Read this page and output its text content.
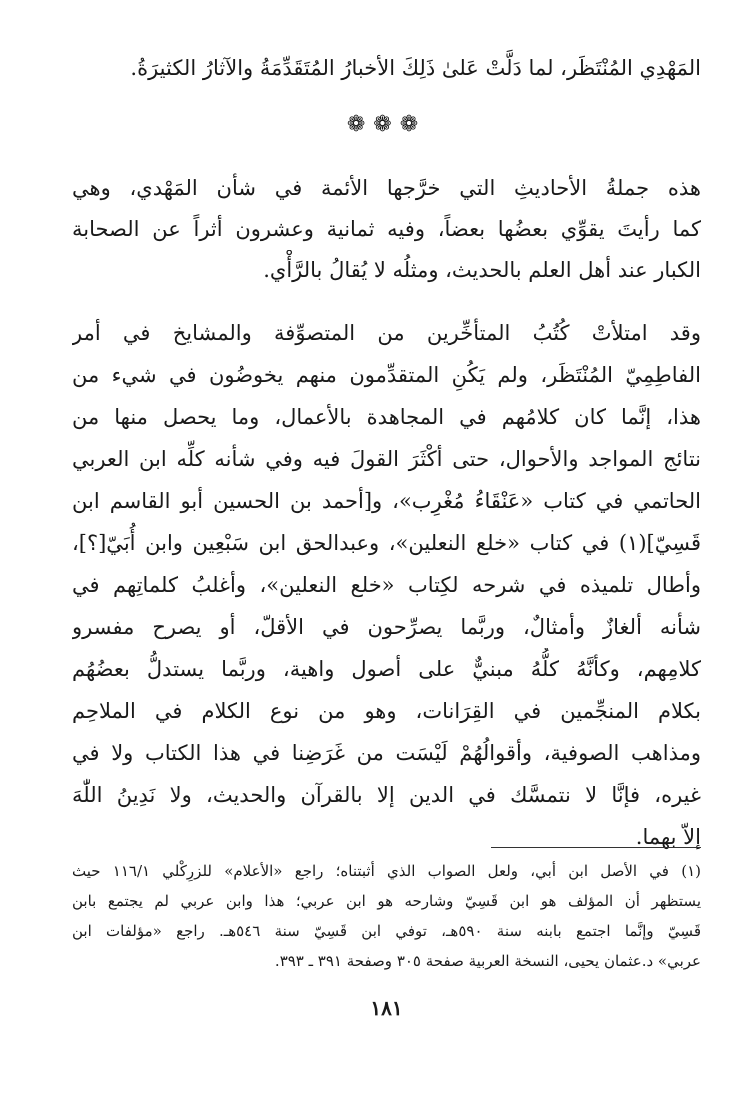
المَهْدِي المُنْتَظَر، لما دَلَّتْ عَلىٰ ذَلِكَ الأخبارُ المُتَقَدِّمَةُ والآثارُ الكثيرَةُ.
❁❁❁
هذه جملةُ الأحاديثِ التي خرَّجها الأئمة في شأن المَهْدي، وهي
كما رأيتَ يقوِّي بعضُها بعضاً، وفيه ثمانية وعشرون أثراً عن الصحابة
الكبار عند أهل العلم بالحديث، ومثلُه لا يُقالُ بالرَّأْي.
وقد امتلأتْ كُتُبُ المتأخِّرين من المتصوِّفة والمشايخ في أمر
الفاطِمِيّ المُنْتَظَر، ولم يَكُنِ المتقدِّمون منهم يخوضُون في شيء من
هذا، إنَّما كان كلامُهم في المجاهدة بالأعمال، وما يحصل منها من
نتائج المواجد والأحوال، حتى أكْثَرَ القولَ فيه وفي شأنه كلِّه ابن العربي
الحاتمي في كتاب «عَنْقَاءُ مُغْرِب»، و[أحمد بن الحسين أبو القاسم ابن
قَسِيّ](١) في كتاب «خلع النعلين»، وعبدالحق ابن سَبْعِين وابن أُبَيّ[؟]،
وأطال تلميذه في شرحه لكِتاب «خلع النعلين»، وأغلبُ كلماتِهم في
شأنه ألغازٌ وأمثالٌ، وربَّما يصرِّحون في الأقلّ، أو يصرح مفسرو
كلامِهم، وكأنَّهُ كلُّهُ مبنيٌّ على أصول واهية، وربَّما يستدلُّ بعضُهُم
بكلام المنجِّمين في القِرَانات، وهو من نوع الكلام في الملاحِم
ومذاهب الصوفية، وأقوالُهُمْ لَيْسَت من غَرَضِنا في هذا الكتاب ولا في
غيره، فإنَّا لا نتمسَّك في الدين إلا بالقرآن والحديث، ولا نَدِينُ اللّٰهَ
إلاّ بهما.
(١) في الأصل ابن أبي، ولعل الصواب الذي أثبتناه؛ راجع «الأعلام» للزرِكْلي ١١٦/١ حيث
يستظهر أن المؤلف هو ابن قَسِيّ وشارحه هو ابن عربي؛ هذا وابن عربي لم يجتمع بابن
قَسِيّ وإنَّما اجتمع بابنه سنة ٥٩٠هـ، توفي ابن قَسِيّ سنة ٥٤٦هـ. راجع «مؤلفات ابن
عربي» د.عثمان يحيى، النسخة العربية صفحة ٣٠٥ وصفحة ٣٩١ ـ ٣٩٣.
١٨١
